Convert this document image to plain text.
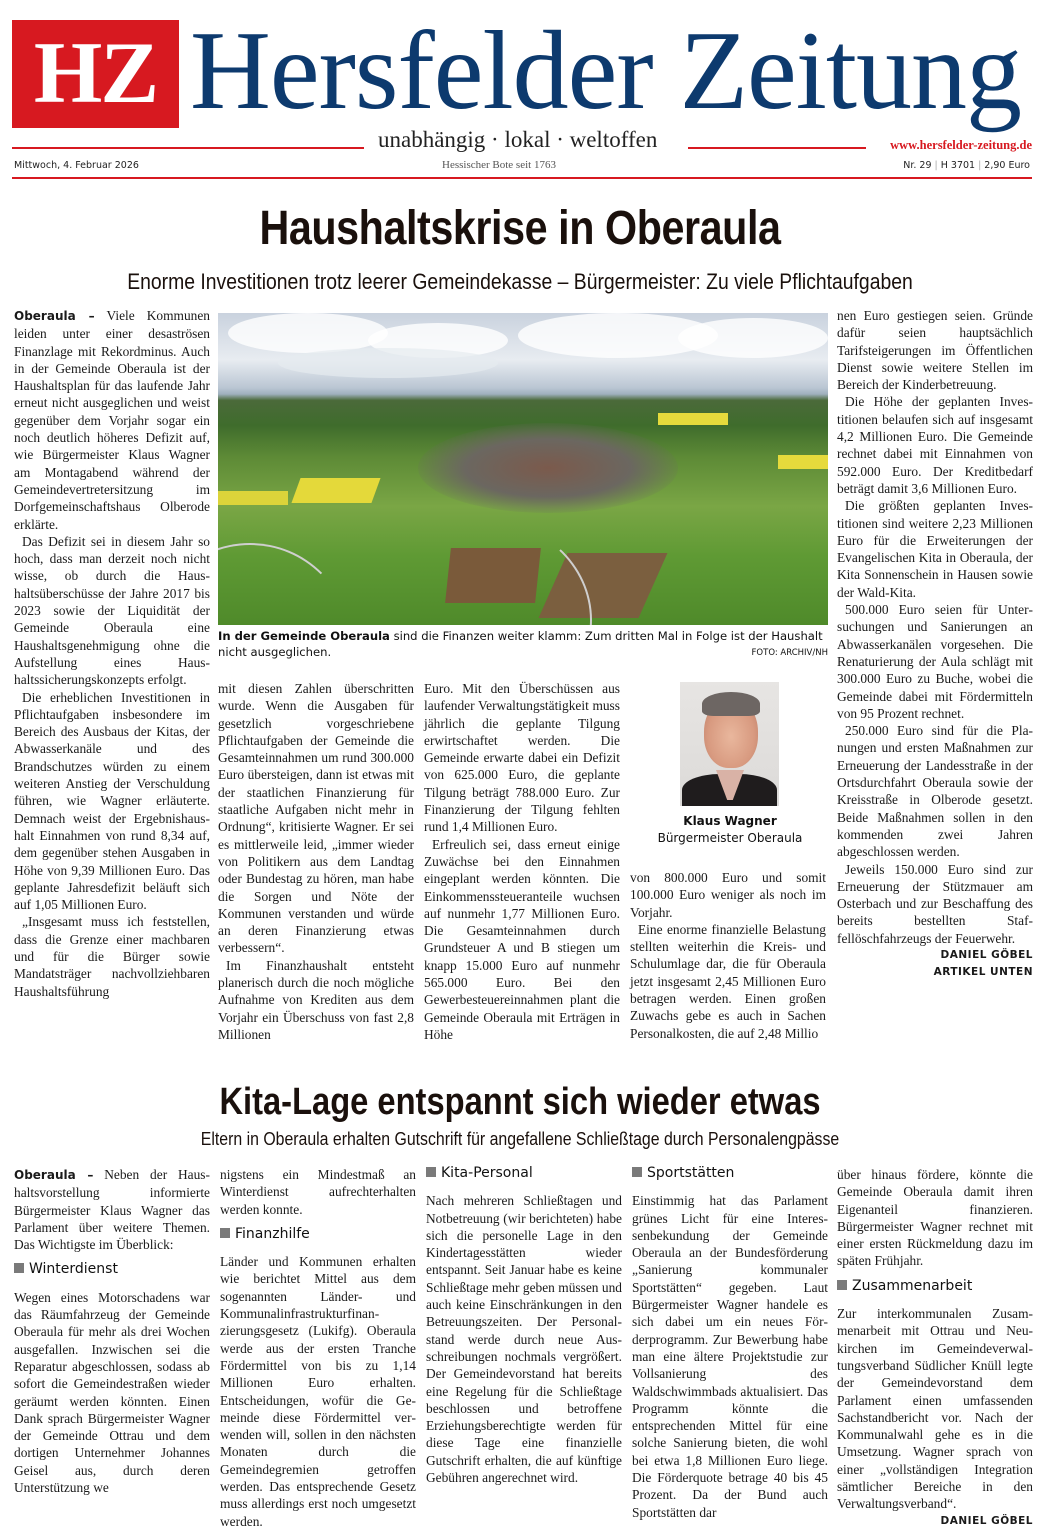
HZ Hersfelder Zeitung
unabhängig · lokal · weltoffen	www.hersfelder-zeitung.de
Mittwoch, 4. Februar 2026	Hessischer Bote seit 1763	Nr. 29 | H 3701 | 2,90 Euro
Haushaltskrise in Oberaula
Enorme Investitionen trotz leerer Gemeindekasse – Bürgermeister: Zu viele Pflichtaufgaben

Oberaula – Viele Kommunen leiden unter einer desaströsen Finanzlage mit Rekordminus. Auch in der Gemeinde Oberaula ist der Haushaltsplan für das laufende Jahr erneut nicht ausgeglichen und weist gegenüber dem Vorjahr sogar ein noch deutlich höheres Defizit auf, wie Bürgermeister Klaus Wagner am Montagabend während der Gemeindevertretersitzung im Dorfgemeinschaftshaus Olberode erklärte.

Das Defizit sei in diesem Jahr so hoch, dass man derzeit noch nicht wisse, ob durch die Haushaltsüberschüsse der Jahre 2017 bis 2023 sowie der Liquidität der Gemeinde Oberaula eine Haushaltsgenehmigung ohne die Aufstellung eines Haushaltssicherungskonzepts erfolgt.

Die erheblichen Investitionen in Pflichtaufgaben insbesondere im Bereich des Ausbaus der Kitas, der Abwasserkanäle und des Brandschutzes würden zu einem weiteren Anstieg der Verschuldung führen, wie Wagner erläuterte. Demnach weist der Ergebnishaushalt Einnahmen von rund 8,34 auf, dem gegenüber stehen Ausgaben in Höhe von 9,39 Millionen Euro. Das geplante Jahresdefizit beläuft sich auf 1,05 Millionen Euro.

„Insgesamt muss ich feststellen, dass die Grenze einer machbaren und für die Bürger sowie Mandatsträger nachvollziehbaren Haushaltsführung

In der Gemeinde Oberaula sind die Finanzen weiter klamm: Zum dritten Mal in Folge ist der Haushalt nicht ausgeglichen.	FOTO: ARCHIV/NH

mit diesen Zahlen überschritten wurde. Wenn die Ausgaben für gesetzlich vorgeschriebene Pflichtaufgaben der Gemeinde die Gesamteinnahmen um rund 300.000 Euro übersteigen, dann ist etwas mit der staatlichen Finanzierung für staatliche Aufgaben nicht mehr in Ordnung“, kritisierte Wagner. Er sei es mittlerweile leid, „immer wieder von Politikern aus dem Landtag oder Bundestag zu hören, man habe die Sorgen und Nöte der Kommunen verstanden und würde an deren Finanzierung etwas verbessern“.

Im Finanzhaushalt entsteht planerisch durch die noch mögliche Aufnahme von Krediten aus dem Vorjahr ein Überschuss von fast 2,8 Millionen

Euro. Mit den Überschüssen aus laufender Verwaltungstätigkeit muss jährlich die geplante Tilgung erwirtschaftet werden. Die Gemeinde erwarte dabei ein Defizit von 625.000 Euro, die geplante Tilgung beträgt 788.000 Euro. Zur Finanzierung der Tilgung fehlten rund 1,4 Millionen Euro.

Erfreulich sei, dass erneut einige Zuwächse bei den Einnahmen eingeplant werden könnten. Die Einkommenssteueranteile wuchsen auf nunmehr 1,77 Millionen Euro. Die Gesamteinnahmen durch Grundsteuer A und B stiegen um knapp 15.000 Euro auf nunmehr 565.000 Euro. Bei den Gewerbesteuereinnahmen plant die Gemeinde Oberaula mit Erträgen in Höhe

Klaus Wagner
Bürgermeister Oberaula

von 800.000 Euro und somit 100.000 Euro weniger als noch im Vorjahr.

Eine enorme finanzielle Belastung stellten weiterhin die Kreis- und Schulumlage dar, die für Oberaula jetzt insgesamt 2,45 Millionen Euro betragen werden. Einen großen Zuwachs gebe es auch in Sachen Personalkosten, die auf 2,48 Millio

nen Euro gestiegen seien. Gründe dafür seien hauptsächlich Tarifsteigerungen im Öffentlichen Dienst sowie weitere Stellen im Bereich der Kinderbetreuung.

Die Höhe der geplanten Investitionen belaufen sich auf insgesamt 4,2 Millionen Euro. Die Gemeinde rechnet dabei mit Einnahmen von 592.000 Euro. Der Kreditbedarf beträgt damit 3,6 Millionen Euro.

Die größten geplanten Investitionen sind weitere 2,23 Millionen Euro für die Erweiterungen der Evangelischen Kita in Oberaula, der Kita Sonnenschein in Hausen sowie der Wald-Kita.

500.000 Euro seien für Untersuchungen und Sanierungen an Abwasserkanälen vorgesehen. Die Renaturierung der Aula schlägt mit 300.000 Euro zu Buche, wobei die Gemeinde dabei mit Fördermitteln von 95 Prozent rechnet.

250.000 Euro sind für die Planungen und ersten Maßnahmen zur Erneuerung der Landesstraße in der Ortsdurchfahrt Oberaula sowie der Kreisstraße in Olberode gesetzt. Beide Maßnahmen sollen in den kommenden zwei Jahren abgeschlossen werden.

Jeweils 150.000 Euro sind zur Erneuerung der Stützmauer am Osterbach und zur Beschaffung des bereits bestellten Staffellöschfahrzeugs der Feuerwehr.

DANIEL GÖBEL
ARTIKEL UNTEN
Kita-Lage entspannt sich wieder etwas
Eltern in Oberaula erhalten Gutschrift für angefallene Schließtage durch Personalengpässe

Oberaula – Neben der Haushaltsvorstellung informierte Bürgermeister Klaus Wagner das Parlament über weitere Themen. Das Wichtigste im Überblick:

Winterdienst

Wegen eines Motorschadens war das Räumfahrzeug der Gemeinde Oberaula für mehr als drei Wochen ausgefallen. Inzwischen sei die Reparatur abgeschlossen, sodass ab sofort die Gemeindestraßen wieder geräumt werden könnten. Einen Dank sprach Bürgermeister Wagner der Gemeinde Ottrau und dem dortigen Unternehmer Johannes Geisel aus, durch deren Unterstützung we

nigstens ein Mindestmaß an Winterdienst aufrechterhalten werden konnte.

Finanzhilfe

Länder und Kommunen erhalten wie berichtet Mittel aus dem sogenannten Länder- und Kommunalinfrastrukturfinanzierungsgesetz (Lukifg). Oberaula werde aus der ersten Tranche Fördermittel von bis zu 1,14 Millionen Euro erhalten. Entscheidungen, wofür die Gemeinde diese Fördermittel verwenden will, sollen in den nächsten Monaten durch die Gemeindegremien getroffen werden. Das entsprechende Gesetz muss allerdings erst noch umgesetzt werden.

Kita-Personal

Nach mehreren Schließtagen und Notbetreuung (wir berichteten) habe sich die personelle Lage in den Kindertagesstätten wieder entspannt. Seit Januar habe es keine Schließtage mehr geben müssen und auch keine Einschränkungen in den Betreuungszeiten. Der Personalstand werde durch neue Ausschreibungen nochmals vergrößert. Der Gemeindevorstand hat bereits eine Regelung für die Schließtage beschlossen und betroffene Erziehungsberechtigte werden für diese Tage eine finanzielle Gutschrift erhalten, die auf künftige Gebühren angerechnet wird.

Sportstätten

Einstimmig hat das Parlament grünes Licht für eine Interessenbekundung der Gemeinde Oberaula an der Bundesförderung „Sanierung kommunaler Sportstätten“ gegeben. Laut Bürgermeister Wagner handele es sich dabei um ein neues Förderprogramm. Zur Bewerbung habe man eine ältere Projektstudie zur Vollsanierung des Waldschwimmbads aktualisiert. Das Programm könnte die entsprechenden Mittel für eine solche Sanierung bieten, die wohl bei etwa 1,8 Millionen Euro liege. Die Förderquote betrage 40 bis 45 Prozent. Da der Bund auch Sportstätten dar

über hinaus fördere, könnte die Gemeinde Oberaula damit ihren Eigenanteil finanzieren. Bürgermeister Wagner rechnet mit einer ersten Rückmeldung dazu im späten Frühjahr.

Zusammenarbeit

Zur interkommunalen Zusammenarbeit mit Ottrau und Neukirchen im Gemeindeverwaltungsverband Südlicher Knüll legte der Gemeindevorstand dem Parlament einen umfassenden Sachstandbericht vor. Nach der Kommunalwahl gehe es in die Umsetzung. Wagner sprach von einer „vollständigen Integration sämtlicher Bereiche in den Verwaltungsverband“.

DANIEL GÖBEL
